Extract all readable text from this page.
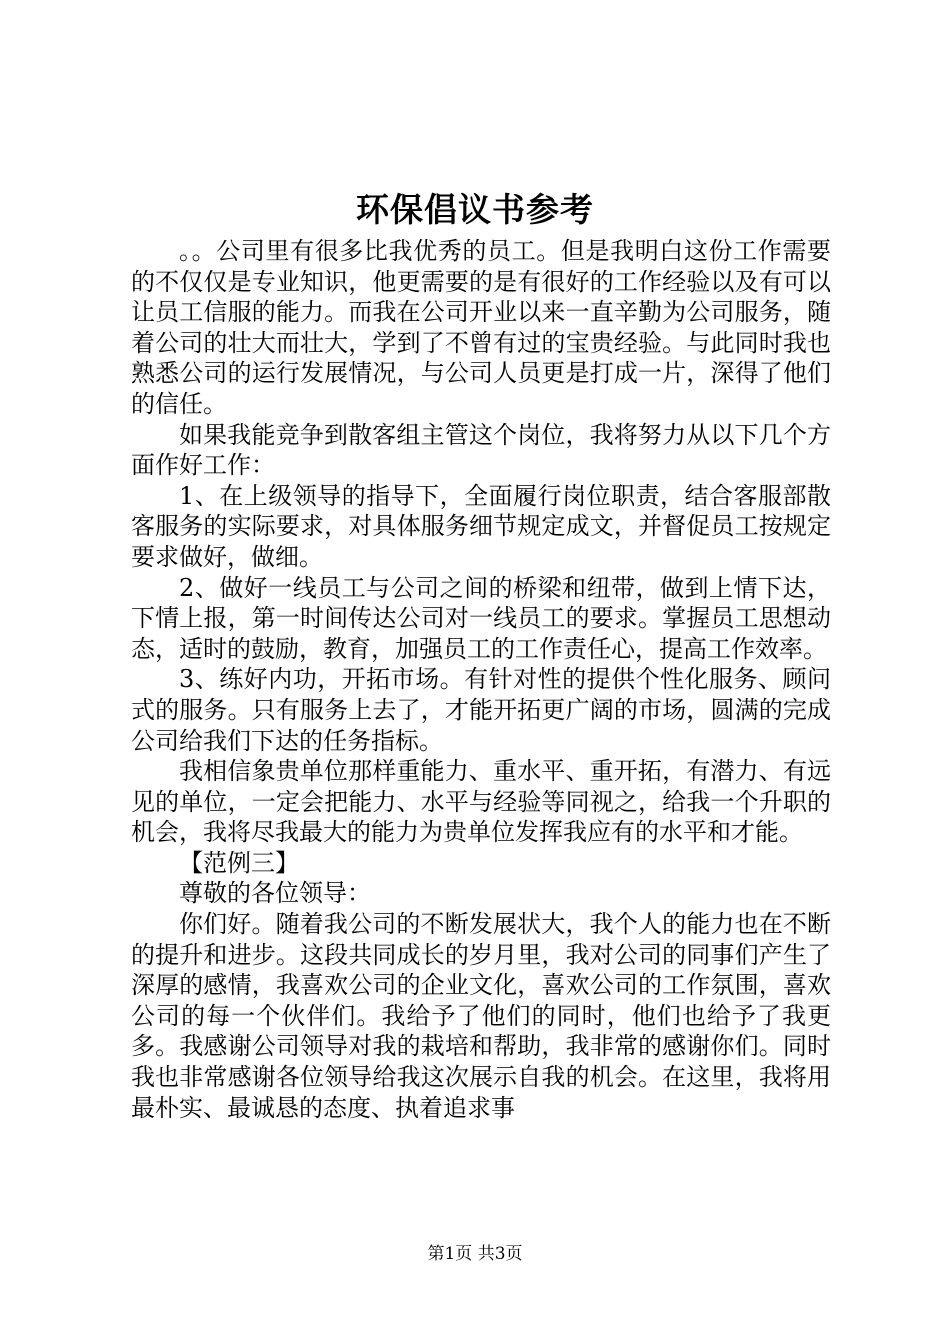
环保倡议书参考

。。公司里有很多比我优秀的员工。但是我明白这份工作需要的不仅仅是专业知识，他更需要的是有很好的工作经验以及有可以让员工信服的能力。而我在公司开业以来一直辛勤为公司服务，随着公司的壮大而壮大，学到了不曾有过的宝贵经验。与此同时我也熟悉公司的运行发展情况，与公司人员更是打成一片，深得了他们的信任。

如果我能竞争到散客组主管这个岗位，我将努力从以下几个方面作好工作：

1、在上级领导的指导下，全面履行岗位职责，结合客服部散客服务的实际要求，对具体服务细节规定成文，并督促员工按规定要求做好，做细。

2、做好一线员工与公司之间的桥梁和纽带，做到上情下达，下情上报，第一时间传达公司对一线员工的要求。掌握员工思想动态，适时的鼓励，教育，加强员工的工作责任心，提高工作效率。

3、练好内功，开拓市场。有针对性的提供个性化服务、顾问式的服务。只有服务上去了，才能开拓更广阔的市场，圆满的完成公司给我们下达的任务指标。

我相信象贵单位那样重能力、重水平、重开拓，有潜力、有远见的单位，一定会把能力、水平与经验等同视之，给我一个升职的机会，我将尽我最大的能力为贵单位发挥我应有的水平和才能。

【范例三】

尊敬的各位领导：

你们好。随着我公司的不断发展状大，我个人的能力也在不断的提升和进步。这段共同成长的岁月里，我对公司的同事们产生了深厚的感情，我喜欢公司的企业文化，喜欢公司的工作氛围，喜欢公司的每一个伙伴们。我给予了他们的同时，他们也给予了我更多。我感谢公司领导对我的栽培和帮助，我非常的感谢你们。同时我也非常感谢各位领导给我这次展示自我的机会。在这里，我将用最朴实、最诚恳的态度、执着追求事

第1页 共3页
